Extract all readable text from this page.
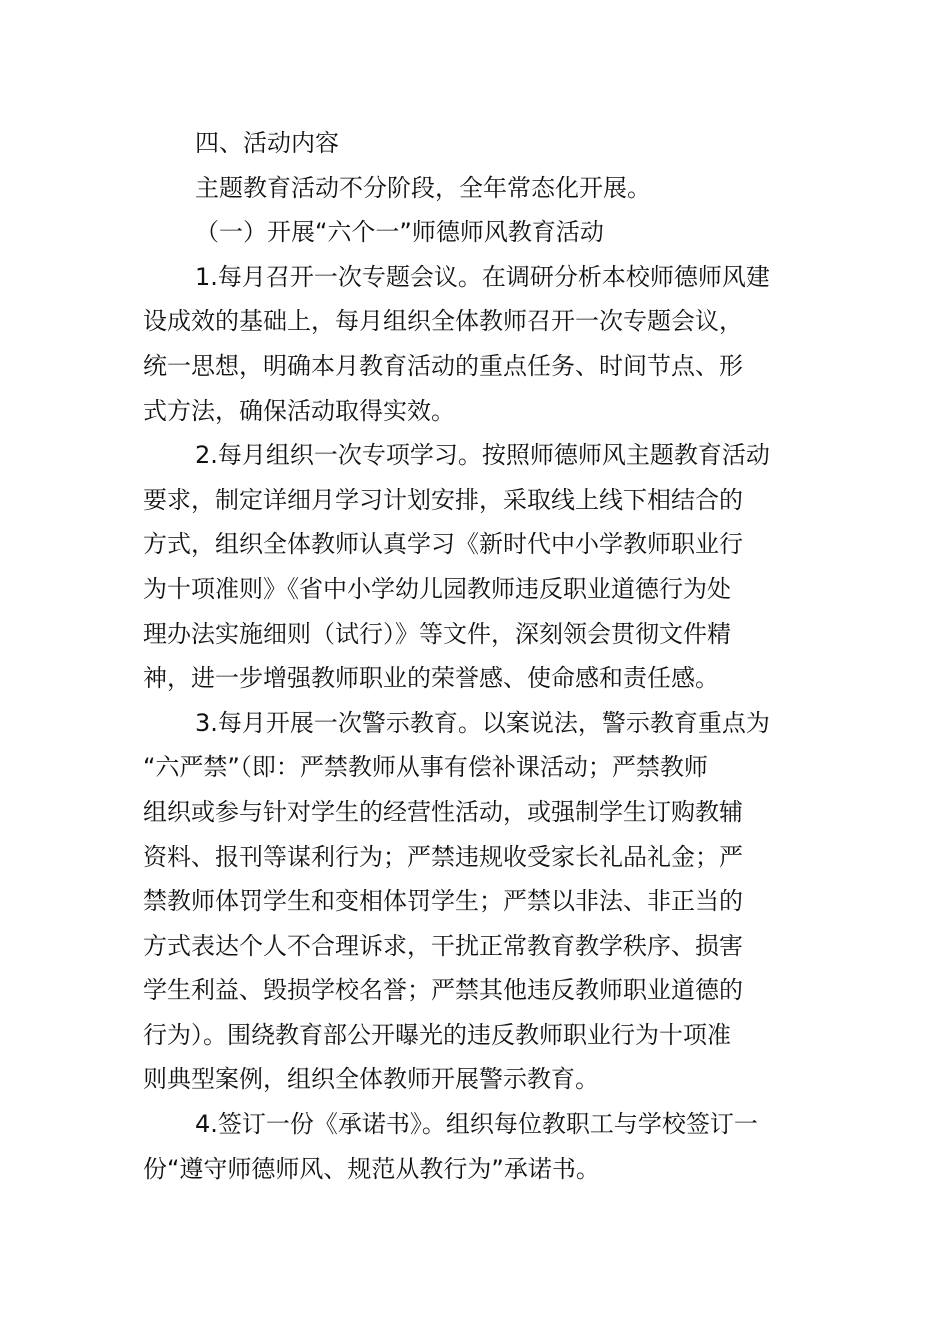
四、活动内容
主题教育活动不分阶段，全年常态化开展。
（一）开展“六个一”师德师风教育活动
1.每月召开一次专题会议。在调研分析本校师德师风建
设成效的基础上，每月组织全体教师召开一次专题会议，
统一思想，明确本月教育活动的重点任务、时间节点、形
式方法，确保活动取得实效。
2.每月组织一次专项学习。按照师德师风主题教育活动
要求，制定详细月学习计划安排，采取线上线下相结合的
方式，组织全体教师认真学习《新时代中小学教师职业行
为十项准则》《省中小学幼儿园教师违反职业道德行为处
理办法实施细则（试行）》等文件，深刻领会贯彻文件精
神，进一步增强教师职业的荣誉感、使命感和责任感。
3.每月开展一次警示教育。以案说法，警示教育重点为
“六严禁”（即：严禁教师从事有偿补课活动；严禁教师
组织或参与针对学生的经营性活动，或强制学生订购教辅
资料、报刊等谋利行为；严禁违规收受家长礼品礼金；严
禁教师体罚学生和变相体罚学生；严禁以非法、非正当的
方式表达个人不合理诉求，干扰正常教育教学秩序、损害
学生利益、毁损学校名誉；严禁其他违反教师职业道德的
行为）。围绕教育部公开曝光的违反教师职业行为十项准
则典型案例，组织全体教师开展警示教育。
4.签订一份《承诺书》。组织每位教职工与学校签订一
份“遵守师德师风、规范从教行为”承诺书。
